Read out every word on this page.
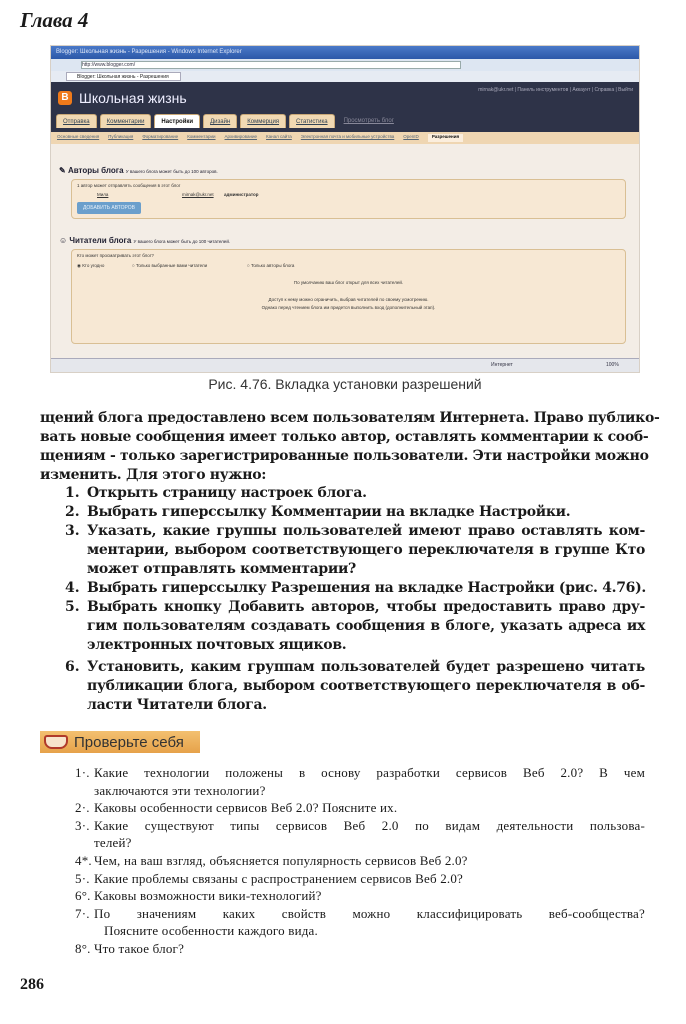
Глава 4
Blogger: Школьная жизнь - Разрешения - Windows Internet Explorer
http://www.blogger.com/
Blogger: Школьная жизнь - Разрешения
B Школьная жизнь	mirnak@ukr.net | Панель инструментов | Аккаунт | Справка | Выйти
Отправка	Комментарии	Настройки	Дизайн	Коммерция	Статистика	Просмотреть блог
Основные сведения Публикация Форматирование Комментарии Архивирование Канал сайта Электронная почта и мобильные устройства OpenID	Разрешения
✎ Авторы блога У вашего блога может быть до 100 авторов.
1 автор может отправлять сообщения в этот блог
Мила	mirnak@ukr.net администратор
ДОБАВИТЬ АВТОРОВ
☺ Читатели блога У вашего блога может быть до 100 читателей.
Кто может просматривать этот блог?
◉ Кто угодно	○ Только выбранные вами читатели	○ Только авторы блога
По умолчанию ваш блог открыт для всех читателей.
Доступ к нему можно ограничить, выбрав читателей по своему усмотрению.
Однако перед чтением блога им придется выполнить вход (дополнительный этап).
Интернет	100%
Рис. 4.76. Вкладка установки разрешений
щений блога предоставлено всем пользователям Интернета. Право публико-
вать новые сообщения имеет только автор, оставлять комментарии к сооб-
щениям - только зарегистрированные пользователи. Эти настройки можно
изменить. Для этого нужно:
1. Открыть страницу настроек блога.
2. Выбрать гиперссылку Комментарии на вкладке Настройки.
3. Указать, какие группы пользователей имеют право оставлять ком-
ментарии, выбором соответствующего переключателя в группе Кто
может отправлять комментарии?
4. Выбрать гиперссылку Разрешения на вкладке Настройки (рис. 4.76).
5. Выбрать кнопку Добавить авторов, чтобы предоставить право дру-
гим пользователям создавать сообщения в блоге, указать адреса их
электронных почтовых ящиков.
6. Установить, каким группам пользователей будет разрешено читать
публикации блога, выбором соответствующего переключателя в об-
ласти Читатели блога.
Проверьте себя
1·. Какие технологии положены в основу разработки сервисов Веб 2.0? В чем
заключаются эти технологии?
2·. Каковы особенности сервисов Веб 2.0? Поясните их.
3·. Какие существуют типы сервисов Веб 2.0 по видам деятельности пользова-
телей?
4*. Чем, на ваш взгляд, объясняется популярность сервисов Веб 2.0?
5·. Какие проблемы связаны с распространением сервисов Веб 2.0?
6°. Каковы возможности вики-технологий?
7·. По значениям каких свойств можно классифицировать веб-сообщества?
Поясните особенности каждого вида.
8°. Что такое блог?
286
